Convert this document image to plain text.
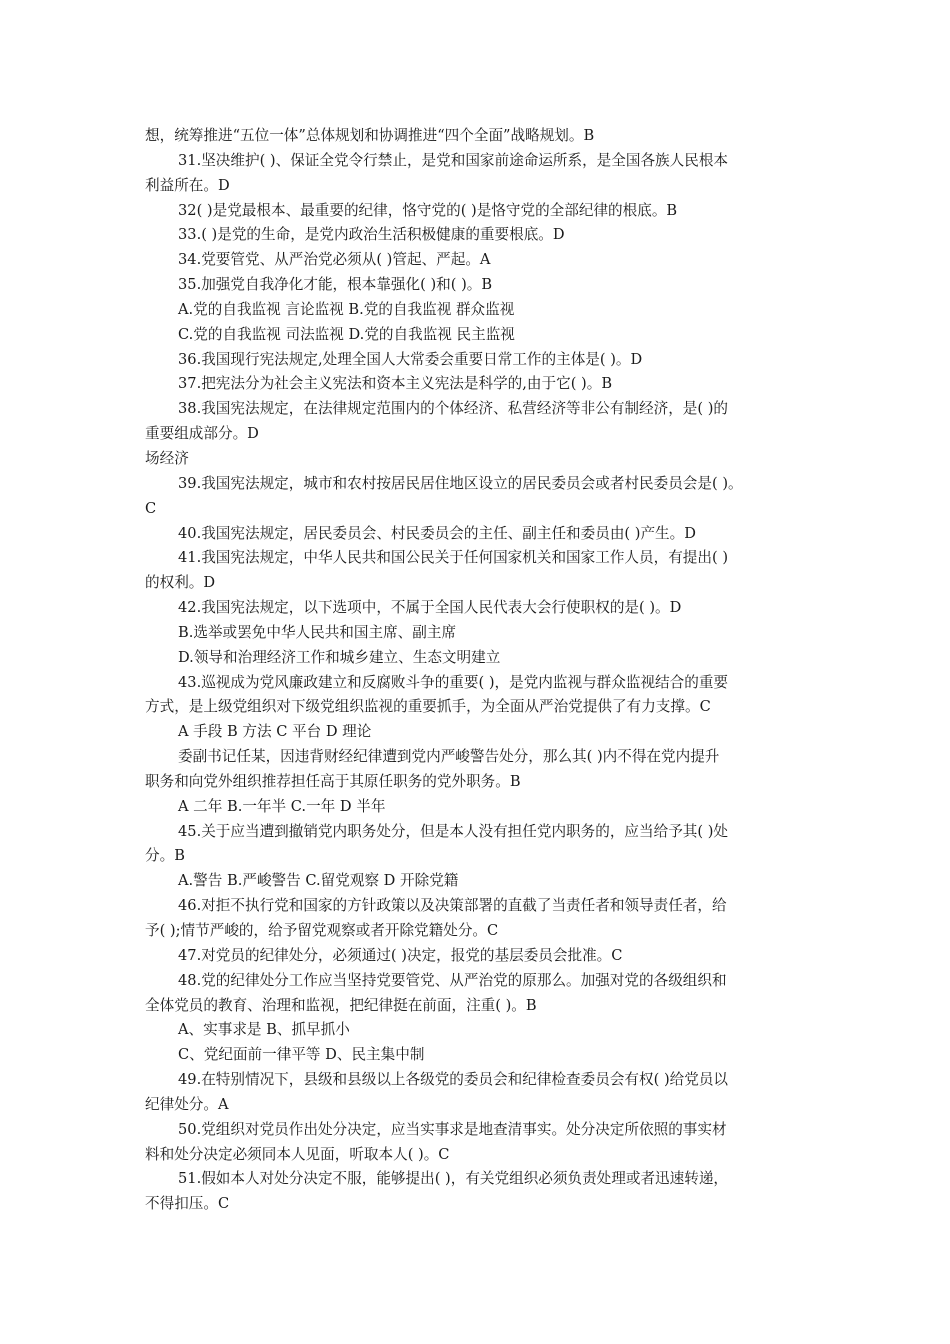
想，统筹推进“五位一体”总体规划和协调推进“四个全面”战略规划。B
31.坚决维护( )、保证全党令行禁止，是党和国家前途命运所系，是全国各族人民根本
利益所在。D
32( )是党最根本、最重要的纪律，恪守党的( )是恪守党的全部纪律的根底。B
33.( )是党的生命，是党内政治生活积极健康的重要根底。D
34.党要管党、从严治党必须从( )管起、严起。A
35.加强党自我净化才能，根本靠强化( )和( )。B
A.党的自我监视 言论监视 B.党的自我监视 群众监视
C.党的自我监视 司法监视 D.党的自我监视 民主监视
36.我国现行宪法规定,处理全国人大常委会重要日常工作的主体是( )。D
37.把宪法分为社会主义宪法和资本主义宪法是科学的,由于它( )。B
38.我国宪法规定，在法律规定范围内的个体经济、私营经济等非公有制经济，是( )的
重要组成部分。D
场经济
39.我国宪法规定，城市和农村按居民居住地区设立的居民委员会或者村民委员会是( )。
C
40.我国宪法规定，居民委员会、村民委员会的主任、副主任和委员由( )产生。D
41.我国宪法规定，中华人民共和国公民关于任何国家机关和国家工作人员，有提出( )
的权利。D
42.我国宪法规定，以下选项中，不属于全国人民代表大会行使职权的是( )。D
B.选举或罢免中华人民共和国主席、副主席
D.领导和治理经济工作和城乡建立、生态文明建立
43.巡视成为党风廉政建立和反腐败斗争的重要( )，是党内监视与群众监视结合的重要
方式，是上级党组织对下级党组织监视的重要抓手，为全面从严治党提供了有力支撑。C
A 手段 B 方法 C 平台 D 理论
委副书记任某，因违背财经纪律遭到党内严峻警告处分，那么其( )内不得在党内提升
职务和向党外组织推荐担任高于其原任职务的党外职务。B
A 二年 B.一年半 C.一年 D 半年
45.关于应当遭到撤销党内职务处分，但是本人没有担任党内职务的，应当给予其( )处
分。B
A.警告 B.严峻警告 C.留党观察 D 开除党籍
46.对拒不执行党和国家的方针政策以及决策部署的直截了当责任者和领导责任者，给
予( );情节严峻的，给予留党观察或者开除党籍处分。C
47.对党员的纪律处分，必须通过( )决定，报党的基层委员会批准。C
48.党的纪律处分工作应当坚持党要管党、从严治党的原那么。加强对党的各级组织和
全体党员的教育、治理和监视，把纪律挺在前面，注重( )。B
A、实事求是 B、抓早抓小
C、党纪面前一律平等 D、民主集中制
49.在特别情况下，县级和县级以上各级党的委员会和纪律检查委员会有权( )给党员以
纪律处分。A
50.党组织对党员作出处分决定，应当实事求是地查清事实。处分决定所依照的事实材
料和处分决定必须同本人见面，听取本人( )。C
51.假如本人对处分决定不服，能够提出( )，有关党组织必须负责处理或者迅速转递，
不得扣压。C
